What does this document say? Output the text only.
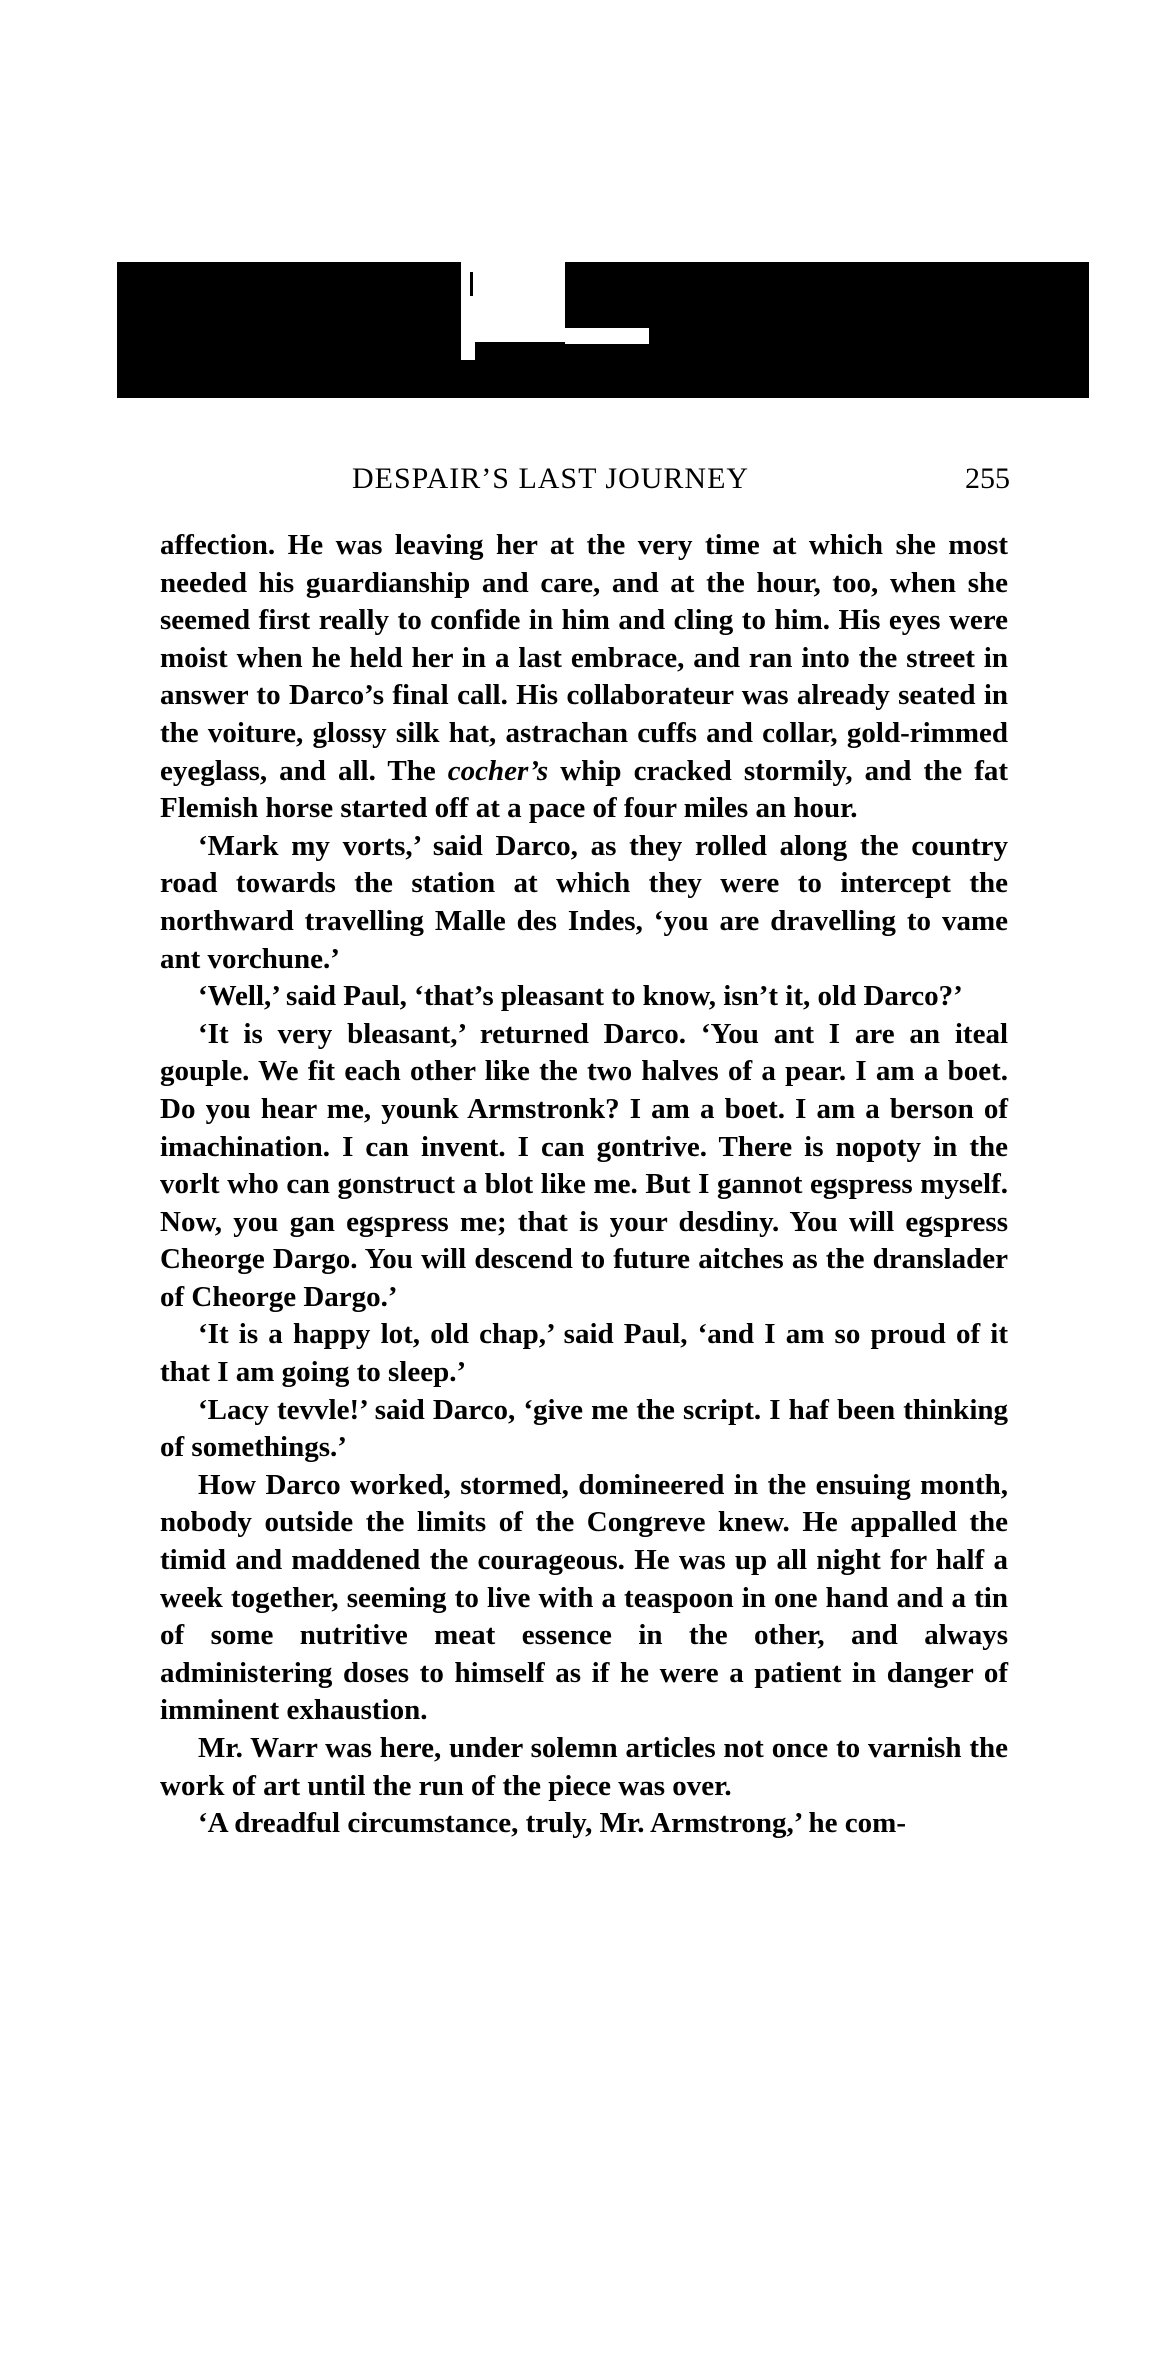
DESPAIR’S LAST JOURNEY	255

affection. He was leaving her at the very time at which she most needed his guardianship and care, and at the hour, too, when she seemed first really to confide in him and cling to him. His eyes were moist when he held her in a last embrace, and ran into the street in answer to Darco’s final call. His collaborateur was already seated in the voiture, glossy silk hat, astrachan cuffs and collar, gold-rimmed eyeglass, and all. The cocher’s whip cracked stormily, and the fat Flemish horse started off at a pace of four miles an hour.

‘Mark my vorts,’ said Darco, as they rolled along the country road towards the station at which they were to intercept the northward travelling Malle des Indes, ‘you are dravelling to vame ant vorchune.’

‘Well,’ said Paul, ‘that’s pleasant to know, isn’t it, old Darco?’

‘It is very bleasant,’ returned Darco. ‘You ant I are an iteal gouple. We fit each other like the two halves of a pear. I am a boet. Do you hear me, younk Armstronk? I am a boet. I am a berson of imachination. I can invent. I can gontrive. There is nopoty in the vorlt who can gonstruct a blot like me. But I gannot egspress myself. Now, you gan egspress me; that is your desdiny. You will egspress Cheorge Dargo. You will descend to future aitches as the dranslader of Cheorge Dargo.’

‘It is a happy lot, old chap,’ said Paul, ‘and I am so proud of it that I am going to sleep.’

‘Lacy tevvle!’ said Darco, ‘give me the script. I haf been thinking of somethings.’

How Darco worked, stormed, domineered in the ensuing month, nobody outside the limits of the Congreve knew. He appalled the timid and maddened the courageous. He was up all night for half a week together, seeming to live with a teaspoon in one hand and a tin of some nutritive meat essence in the other, and always administering doses to himself as if he were a patient in danger of imminent exhaustion.

Mr. Warr was here, under solemn articles not once to varnish the work of art until the run of the piece was over.

‘A dreadful circumstance, truly, Mr. Armstrong,’ he com-
